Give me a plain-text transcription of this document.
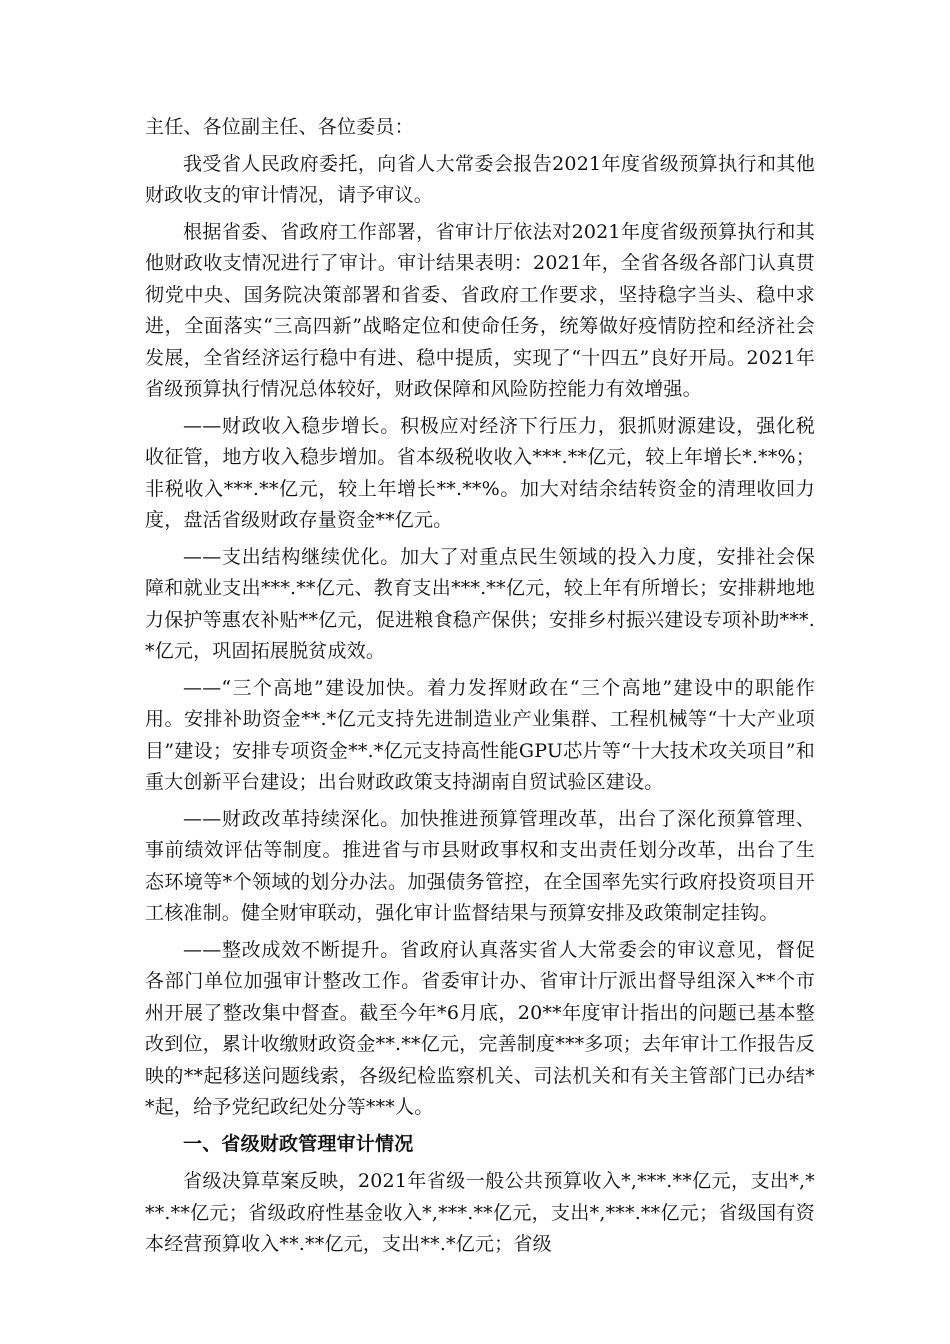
主任、各位副主任、各位委员：

我受省人民政府委托，向省人大常委会报告2021年度省级预算执行和其他财政收支的审计情况，请予审议。

根据省委、省政府工作部署，省审计厅依法对2021年度省级预算执行和其他财政收支情况进行了审计。审计结果表明：2021年，全省各级各部门认真贯彻党中央、国务院决策部署和省委、省政府工作要求，坚持稳字当头、稳中求进，全面落实“三高四新”战略定位和使命任务，统筹做好疫情防控和经济社会发展，全省经济运行稳中有进、稳中提质，实现了“十四五”良好开局。2021年省级预算执行情况总体较好，财政保障和风险防控能力有效增强。

——财政收入稳步增长。积极应对经济下行压力，狠抓财源建设，强化税收征管，地方收入稳步增加。省本级税收收入***.**亿元，较上年增长*.**%；非税收入***.**亿元，较上年增长**.**%。加大对结余结转资金的清理收回力度，盘活省级财政存量资金**亿元。

——支出结构继续优化。加大了对重点民生领域的投入力度，安排社会保障和就业支出***.**亿元、教育支出***.**亿元，较上年有所增长；安排耕地地力保护等惠农补贴**亿元，促进粮食稳产保供；安排乡村振兴建设专项补助***.*亿元，巩固拓展脱贫成效。

——“三个高地”建设加快。着力发挥财政在“三个高地”建设中的职能作用。安排补助资金**.*亿元支持先进制造业产业集群、工程机械等“十大产业项目”建设；安排专项资金**.*亿元支持高性能GPU芯片等“十大技术攻关项目”和重大创新平台建设；出台财政政策支持湖南自贸试验区建设。

——财政改革持续深化。加快推进预算管理改革，出台了深化预算管理、事前绩效评估等制度。推进省与市县财政事权和支出责任划分改革，出台了生态环境等*个领域的划分办法。加强债务管控，在全国率先实行政府投资项目开工核准制。健全财审联动，强化审计监督结果与预算安排及政策制定挂钩。

——整改成效不断提升。省政府认真落实省人大常委会的审议意见，督促各部门单位加强审计整改工作。省委审计办、省审计厅派出督导组深入**个市州开展了整改集中督查。截至今年*6月底，20**年度审计指出的问题已基本整改到位，累计收缴财政资金**.**亿元，完善制度***多项；去年审计工作报告反映的**起移送问题线索，各级纪检监察机关、司法机关和有关主管部门已办结**起，给予党纪政纪处分等***人。

一、省级财政管理审计情况

省级决算草案反映，2021年省级一般公共预算收入*,***.**亿元，支出*,***.**亿元；省级政府性基金收入*,***.**亿元，支出*,***.**亿元；省级国有资本经营预算收入**.**亿元，支出**.*亿元；省级
